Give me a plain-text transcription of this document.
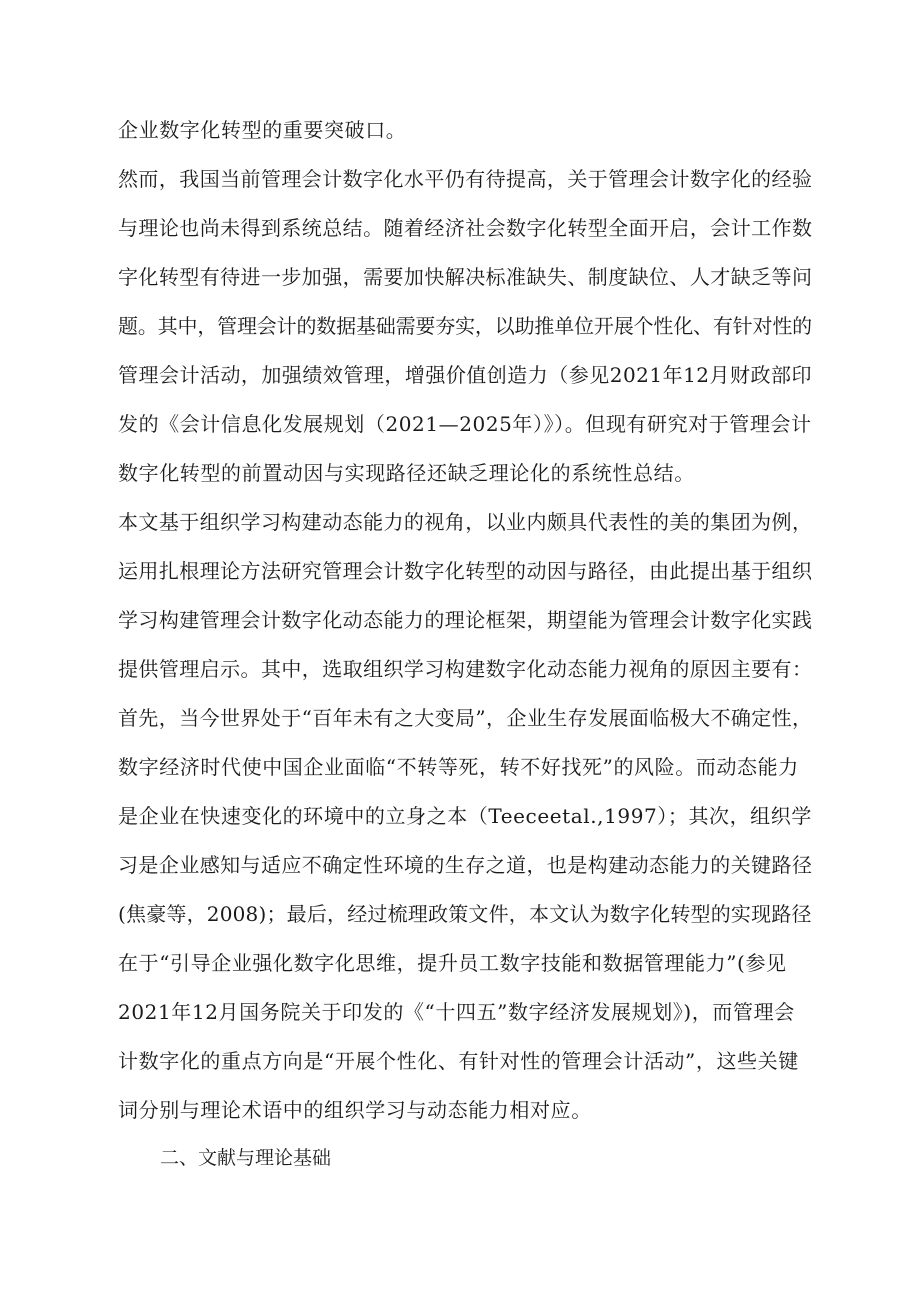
企业数字化转型的重要突破口。
然而，我国当前管理会计数字化水平仍有待提高，关于管理会计数字化的经验
与理论也尚未得到系统总结。随着经济社会数字化转型全面开启，会计工作数
字化转型有待进一步加强，需要加快解决标准缺失、制度缺位、人才缺乏等问
题。其中，管理会计的数据基础需要夯实，以助推单位开展个性化、有针对性的
管理会计活动，加强绩效管理，增强价值创造力（参见2021年12月财政部印
发的《会计信息化发展规划（2021—2025年）》）。但现有研究对于管理会计
数字化转型的前置动因与实现路径还缺乏理论化的系统性总结。
本文基于组织学习构建动态能力的视角，以业内颇具代表性的美的集团为例，
运用扎根理论方法研究管理会计数字化转型的动因与路径，由此提出基于组织
学习构建管理会计数字化动态能力的理论框架，期望能为管理会计数字化实践
提供管理启示。其中，选取组织学习构建数字化动态能力视角的原因主要有：
首先，当今世界处于“百年未有之大变局”，企业生存发展面临极大不确定性，
数字经济时代使中国企业面临“不转等死，转不好找死”的风险。而动态能力
是企业在快速变化的环境中的立身之本（Teeceetal.,1997）；其次，组织学
习是企业感知与适应不确定性环境的生存之道，也是构建动态能力的关键路径
(焦豪等，2008)；最后，经过梳理政策文件，本文认为数字化转型的实现路径
在于“引导企业强化数字化思维，提升员工数字技能和数据管理能力”(参见
2021年12月国务院关于印发的《“十四五”数字经济发展规划》)，而管理会
计数字化的重点方向是“开展个性化、有针对性的管理会计活动”，这些关键
词分别与理论术语中的组织学习与动态能力相对应。
二、文献与理论基础
